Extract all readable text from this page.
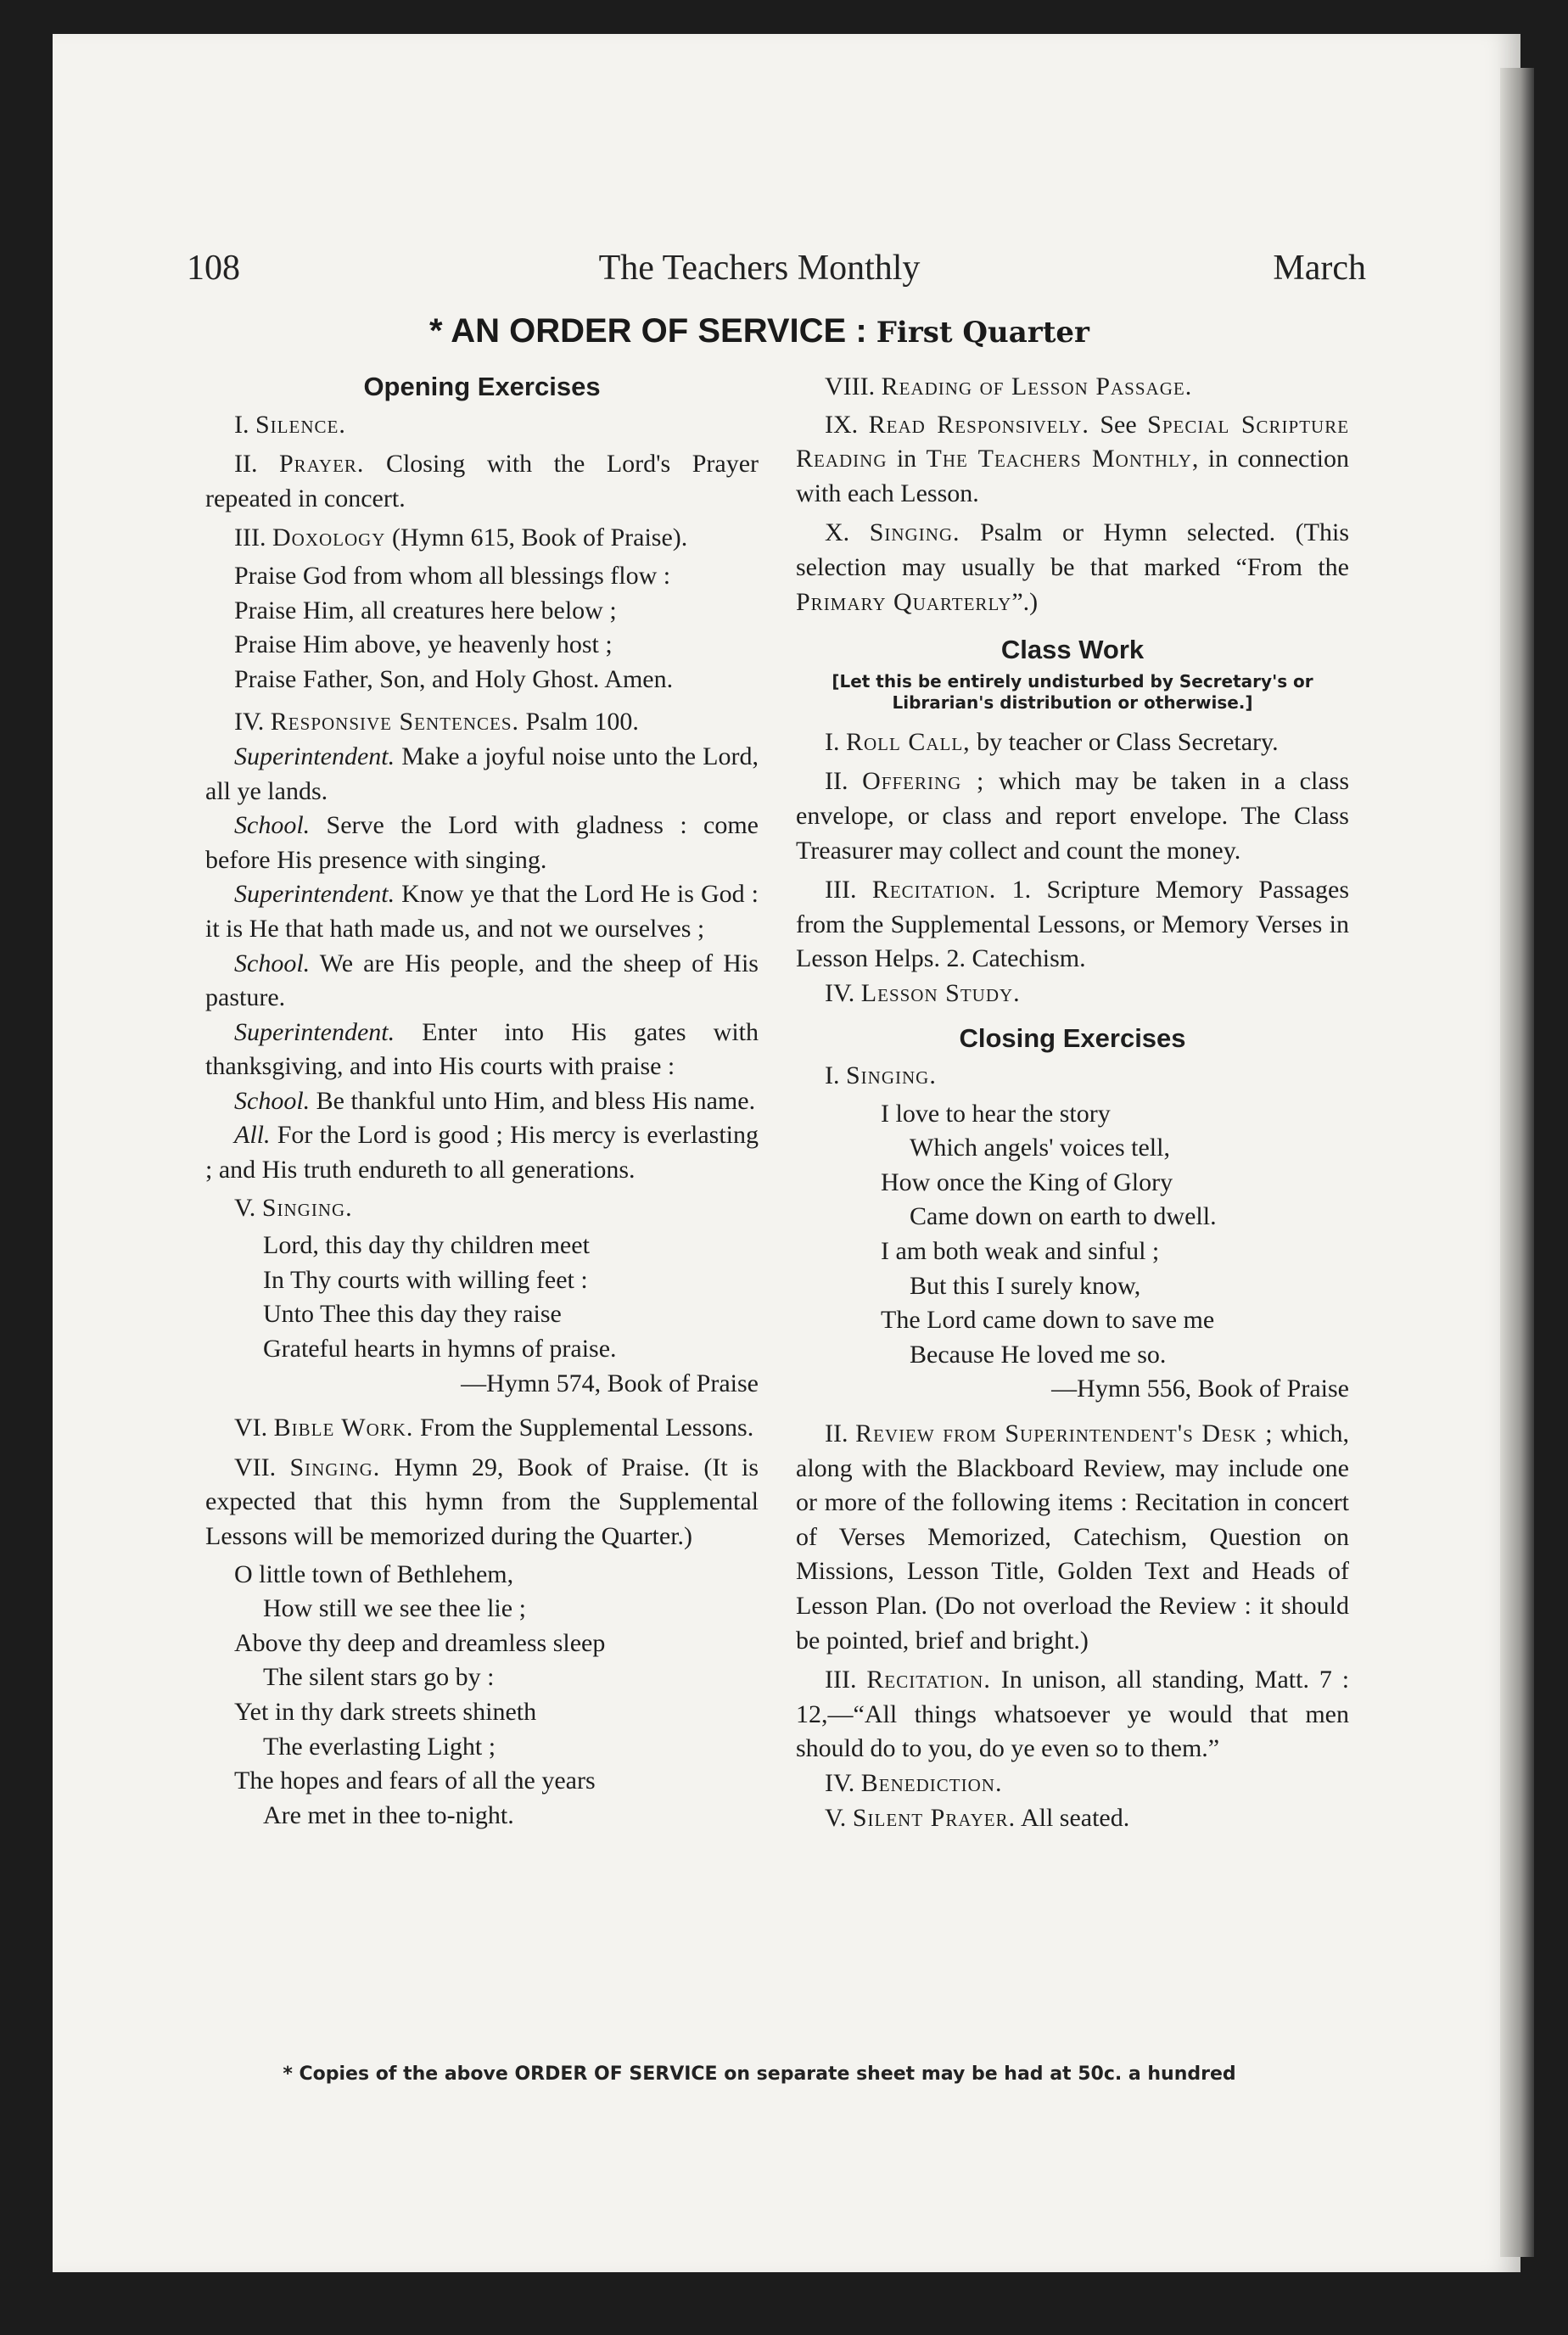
108	The Teachers Monthly	March
* AN ORDER OF SERVICE : First Quarter
Opening Exercises

I. Silence.

II. Prayer. Closing with the Lord's Prayer repeated in concert.

III. Doxology (Hymn 615, Book of Praise).

Praise God from whom all blessings flow :
Praise Him, all creatures here below ;
Praise Him above, ye heavenly host ;
Praise Father, Son, and Holy Ghost. Amen.

IV. Responsive Sentences. Psalm 100.

Superintendent. Make a joyful noise unto the Lord, all ye lands.

School. Serve the Lord with gladness : come before His presence with singing.

Superintendent. Know ye that the Lord He is God : it is He that hath made us, and not we ourselves ;

School. We are His people, and the sheep of His pasture.

Superintendent. Enter into His gates with thanksgiving, and into His courts with praise :

School. Be thankful unto Him, and bless His name.

All. For the Lord is good ; His mercy is everlasting ; and His truth endureth to all generations.

V. Singing.

Lord, this day thy children meet
In Thy courts with willing feet :
Unto Thee this day they raise
Grateful hearts in hymns of praise.
—Hymn 574, Book of Praise

VI. Bible Work. From the Supplemental Lessons.

VII. Singing. Hymn 29, Book of Praise. (It is expected that this hymn from the Supplemental Lessons will be memorized during the Quarter.)

O little town of Bethlehem,
How still we see thee lie ;
Above thy deep and dreamless sleep
The silent stars go by :
Yet in thy dark streets shineth
The everlasting Light ;
The hopes and fears of all the years
Are met in thee to-night.

VIII. Reading of Lesson Passage.

IX. Read Responsively. See Special Scripture Reading in The Teachers Monthly, in connection with each Lesson.

X. Singing. Psalm or Hymn selected. (This selection may usually be that marked “From the Primary Quarterly”.)

Class Work
[Let this be entirely undisturbed by Secretary's or Librarian's distribution or otherwise.]

I. Roll Call, by teacher or Class Secretary.

II. Offering ; which may be taken in a class envelope, or class and report envelope. The Class Treasurer may collect and count the money.

III. Recitation. 1. Scripture Memory Passages from the Supplemental Lessons, or Memory Verses in Lesson Helps. 2. Catechism.

IV. Lesson Study.

Closing Exercises

I. Singing.

I love to hear the story
Which angels' voices tell,
How once the King of Glory
Came down on earth to dwell.
I am both weak and sinful ;
But this I surely know,
The Lord came down to save me
Because He loved me so.
—Hymn 556, Book of Praise

II. Review from Superintendent's Desk ; which, along with the Blackboard Review, may include one or more of the following items : Recitation in concert of Verses Memorized, Catechism, Question on Missions, Lesson Title, Golden Text and Heads of Lesson Plan. (Do not overload the Review : it should be pointed, brief and bright.)

III. Recitation. In unison, all standing, Matt. 7 : 12,—“All things whatsoever ye would that men should do to you, do ye even so to them.”

IV. Benediction.

V. Silent Prayer. All seated.

* Copies of the above ORDER OF SERVICE on separate sheet may be had at 50c. a hundred
